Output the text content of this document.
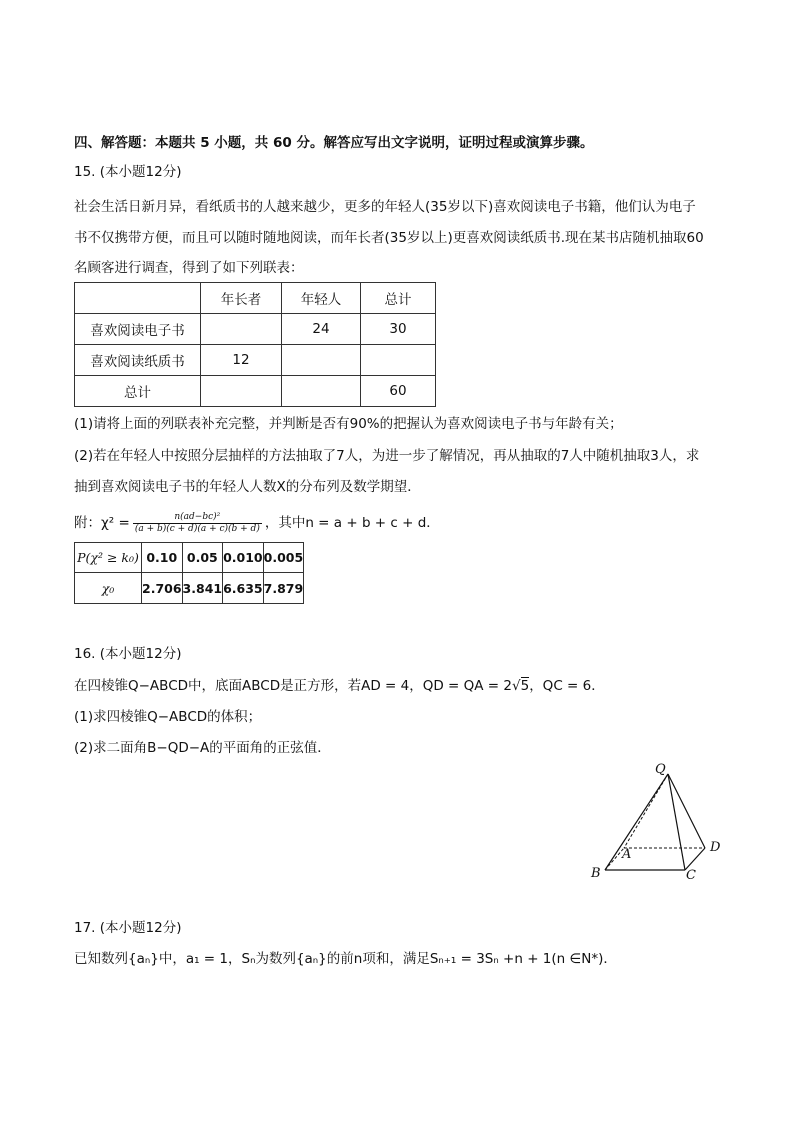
四、解答题：本题共 5 小题，共 60 分。解答应写出文字说明，证明过程或演算步骤。
15. (本小题12分)
社会生活日新月异，看纸质书的人越来越少，更多的年轻人(35岁以下)喜欢阅读电子书籍，他们认为电子
书不仅携带方便，而且可以随时随地阅读，而年长者(35岁以上)更喜欢阅读纸质书.现在某书店随机抽取60
名顾客进行调查，得到了如下列联表：
	年长者	年轻人	总计
喜欢阅读电子书		24	30
喜欢阅读纸质书	12		
总计			60
(1)请将上面的列联表补充完整，并判断是否有90%的把握认为喜欢阅读电子书与年龄有关；
(2)若在年轻人中按照分层抽样的方法抽取了7人，为进一步了解情况，再从抽取的7人中随机抽取3人，求
抽到喜欢阅读电子书的年轻人人数X的分布列及数学期望．
附：$\chi^2 = \frac{\text{n(ad−bc)²}}{(a + b)(c + d)(a + c)(b + d)}$ ，其中n = a + b + c + d．
P(χ² ≥ k₀)	0.10	0.05	0.010	0.005
χ₀	2.706	3.841	6.635	7.879
16. (本小题12分)
在四棱锥Q−ABCD中，底面ABCD是正方形，若AD = 4，QD = QA = 2√5，QC = 6．
(1)求四棱锥Q−ABCD的体积；
(2)求二面角B−QD−A的平面角的正弦值．
Q
A
B	C
D
17. (本小题12分)
已知数列{aₙ}中，a₁ = 1，Sₙ为数列{aₙ}的前n项和，满足Sₙ₊₁ = 3Sₙ +n + 1(n ∈N*)．
